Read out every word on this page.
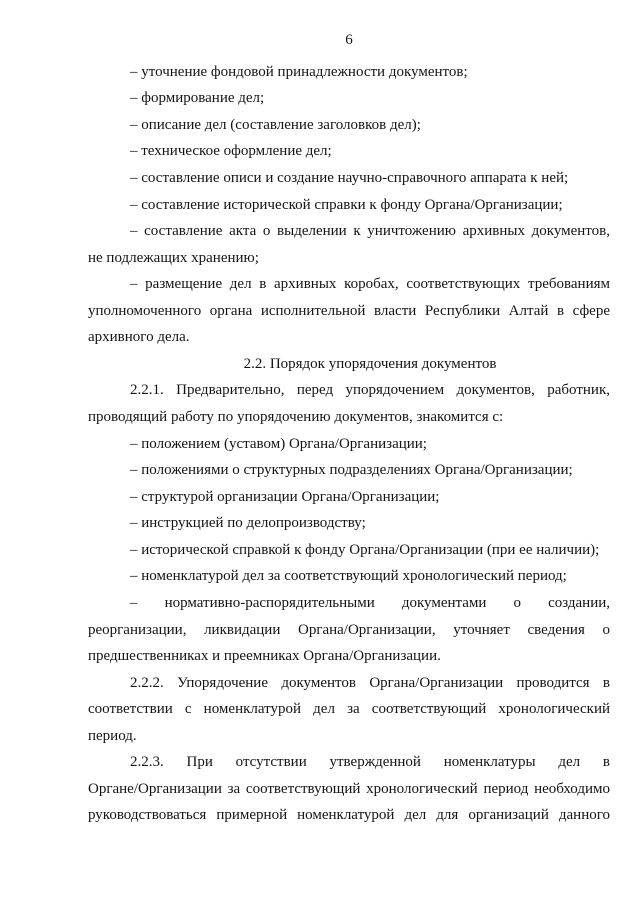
6
– уточнение фондовой принадлежности документов;
– формирование дел;
– описание дел (составление заголовков дел);
– техническое оформление дел;
– составление описи и создание научно-справочного аппарата к ней;
– составление исторической справки к фонду Органа/Организации;
– составление акта о выделении к уничтожению архивных документов,
не подлежащих хранению;
– размещение дел в архивных коробах, соответствующих требованиям
уполномоченного органа исполнительной власти Республики Алтай в сфере
архивного дела.
2.2. Порядок упорядочения документов
2.2.1. Предварительно, перед упорядочением документов, работник,
проводящий работу по упорядочению документов, знакомится с:
– положением (уставом) Органа/Организации;
– положениями о структурных подразделениях Органа/Организации;
– структурой организации Органа/Организации;
– инструкцией по делопроизводству;
– исторической справкой к фонду Органа/Организации (при ее наличии);
– номенклатурой дел за соответствующий хронологический период;
– нормативно-распорядительными документами о создании,
реорганизации, ликвидации Органа/Организации, уточняет сведения о
предшественниках и преемниках Органа/Организации.
2.2.2. Упорядочение документов Органа/Организации проводится в
соответствии с номенклатурой дел за соответствующий хронологический
период.
2.2.3. При отсутствии утвержденной номенклатуры дел в
Органе/Организации за соответствующий хронологический период необходимо
руководствоваться примерной номенклатурой дел для организаций данного
